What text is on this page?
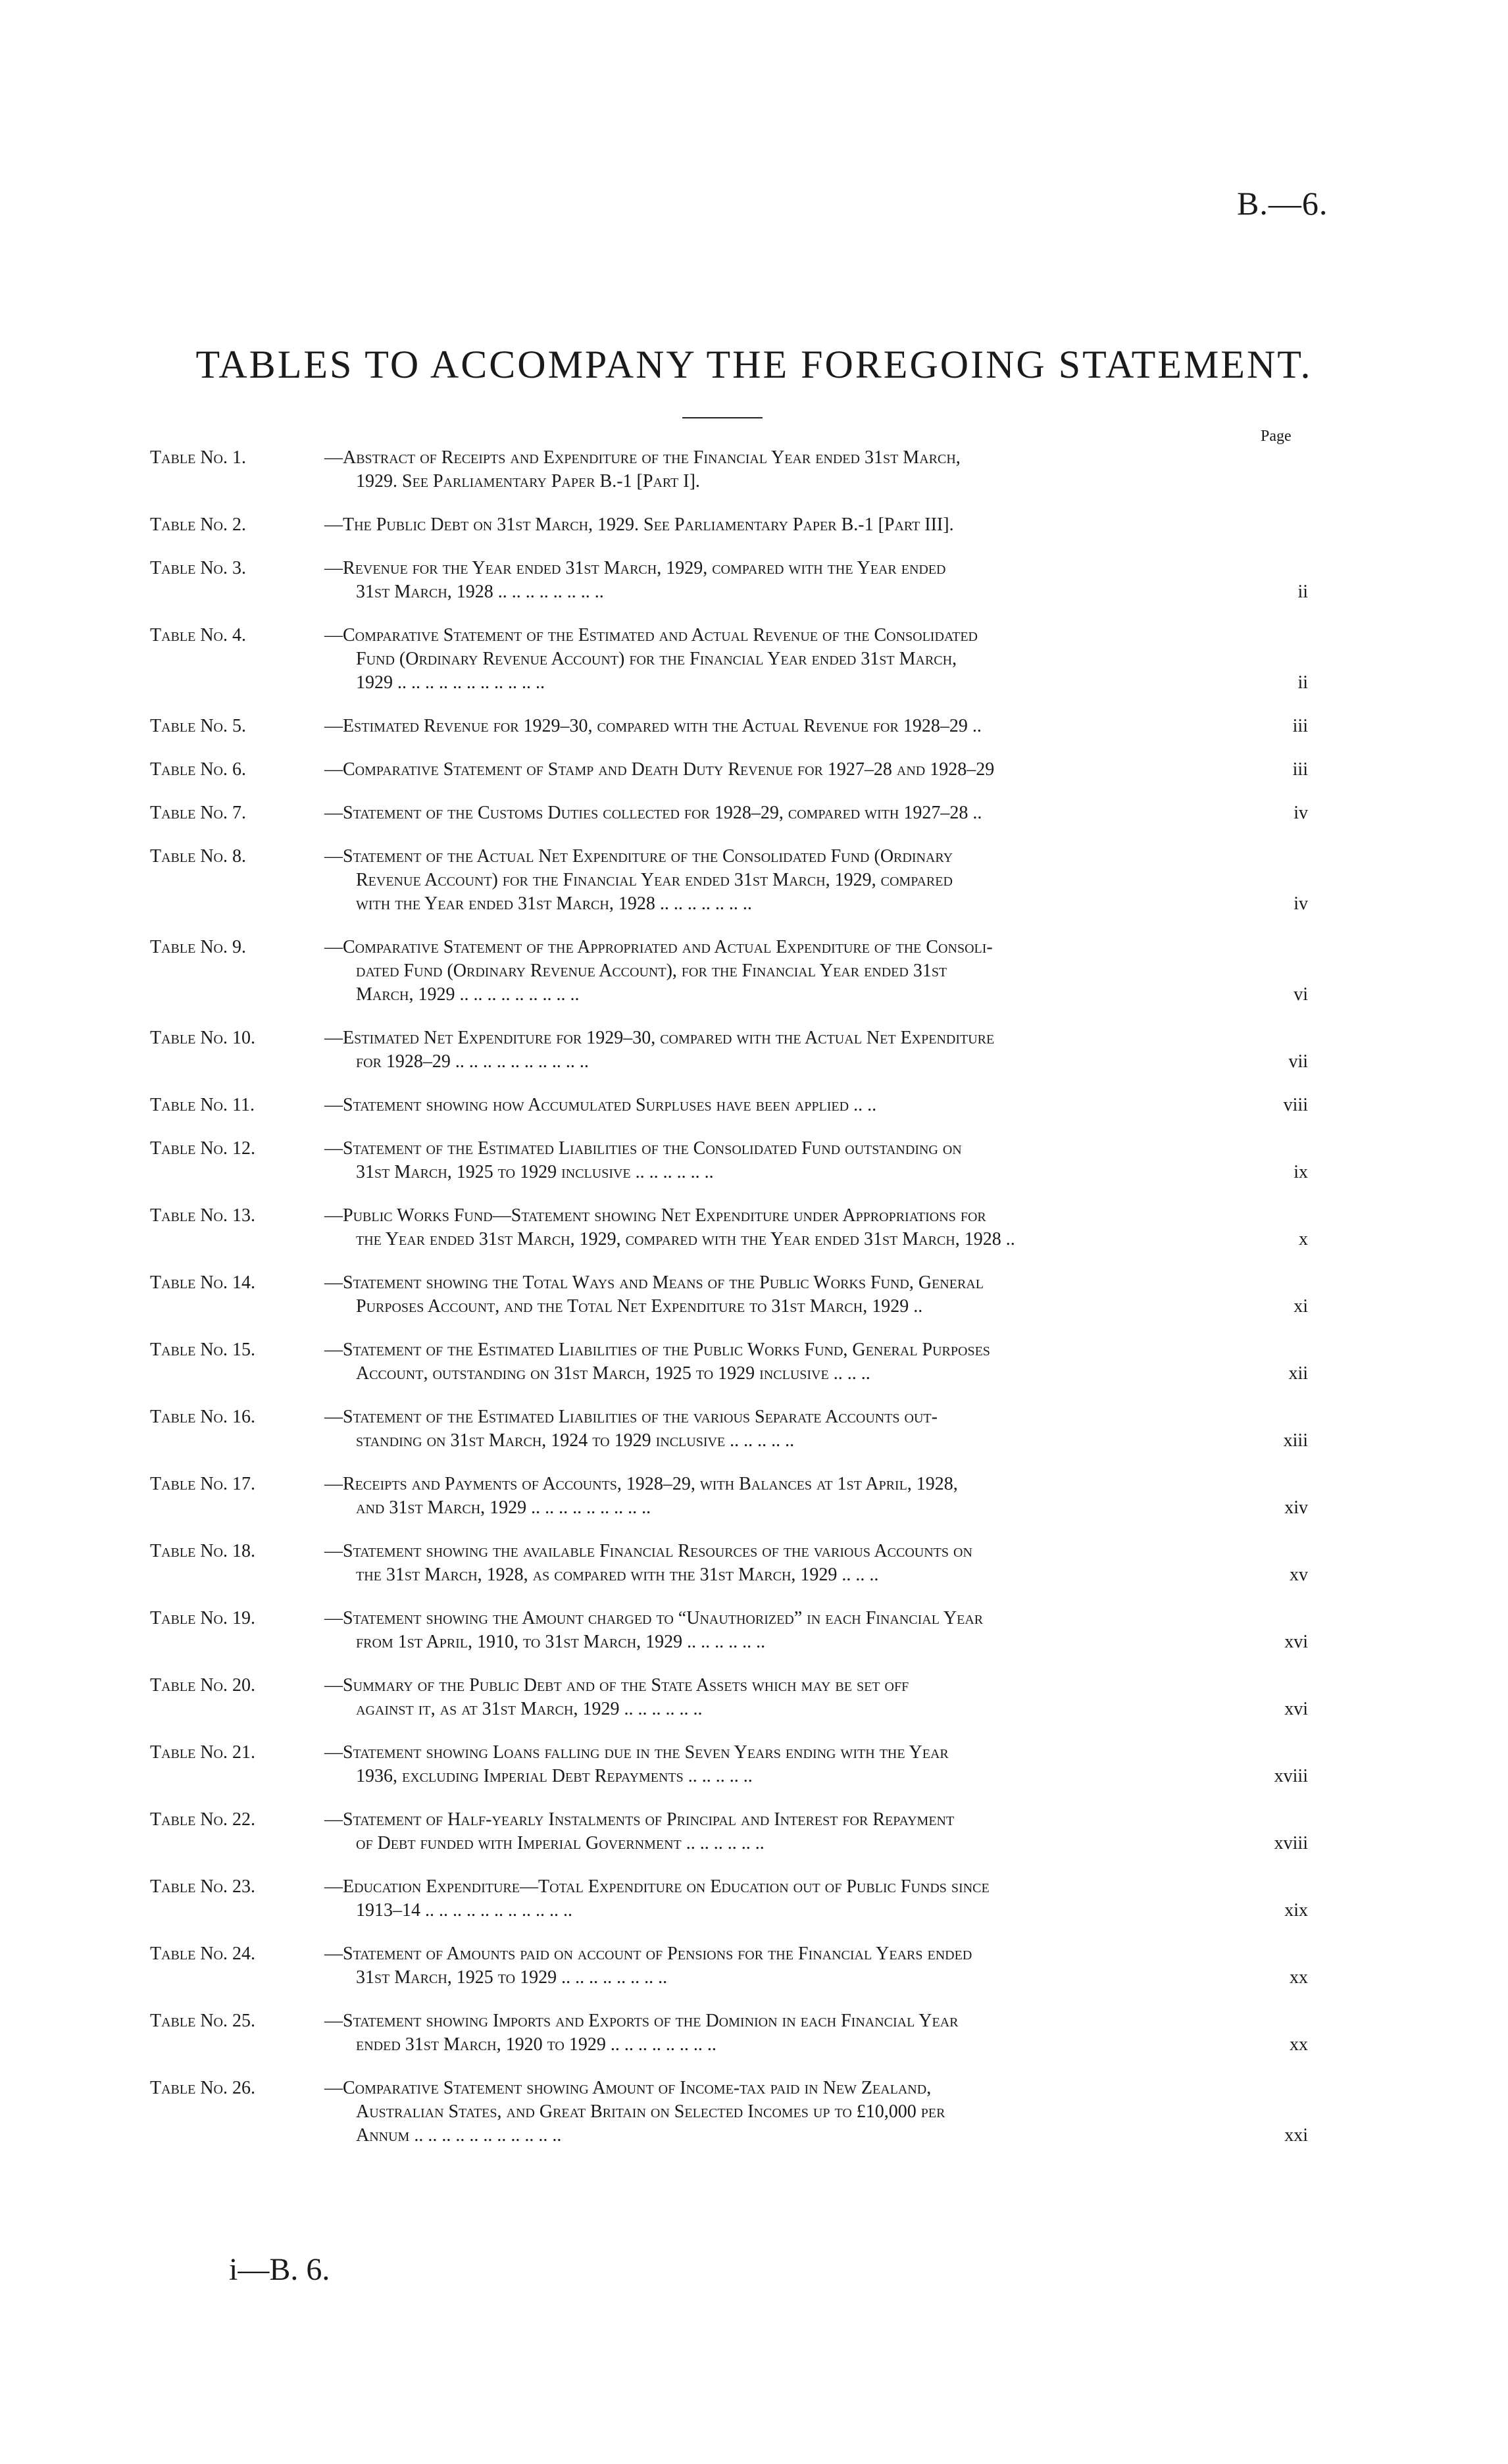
B.—6.
TABLES TO ACCOMPANY THE FOREGOING STATEMENT.
Page
Table No. 1.	—Abstract of Receipts and Expenditure of the Financial Year ended 31st March,
1929. See Parliamentary Paper B.-1 [Part I].
Table No. 2.	—The Public Debt on 31st March, 1929. See Parliamentary Paper B.-1 [Part III].
Table No. 3.	—Revenue for the Year ended 31st March, 1929, compared with the Year ended
31st March, 1928 .. .. .. .. .. .. .. ..	ii
Table No. 4.	—Comparative Statement of the Estimated and Actual Revenue of the Consolidated
Fund (Ordinary Revenue Account) for the Financial Year ended 31st March,
1929 .. .. .. .. .. .. .. .. .. .. ..	ii
Table No. 5.	—Estimated Revenue for 1929–30, compared with the Actual Revenue for 1928–29 ..	iii
Table No. 6.	—Comparative Statement of Stamp and Death Duty Revenue for 1927–28 and 1928–29	iii
Table No. 7.	—Statement of the Customs Duties collected for 1928–29, compared with 1927–28 ..	iv
Table No. 8.	—Statement of the Actual Net Expenditure of the Consolidated Fund (Ordinary
Revenue Account) for the Financial Year ended 31st March, 1929, compared
with the Year ended 31st March, 1928 .. .. .. .. .. .. ..	iv
Table No. 9.	—Comparative Statement of the Appropriated and Actual Expenditure of the Consoli-
dated Fund (Ordinary Revenue Account), for the Financial Year ended 31st
March, 1929 .. .. .. .. .. .. .. .. ..	vi
Table No. 10.	—Estimated Net Expenditure for 1929–30, compared with the Actual Net Expenditure
for 1928–29 .. .. .. .. .. .. .. .. .. ..	vii
Table No. 11.	—Statement showing how Accumulated Surpluses have been applied .. ..	viii
Table No. 12.	—Statement of the Estimated Liabilities of the Consolidated Fund outstanding on
31st March, 1925 to 1929 inclusive .. .. .. .. .. ..	ix
Table No. 13.	—Public Works Fund—Statement showing Net Expenditure under Appropriations for
the Year ended 31st March, 1929, compared with the Year ended 31st March, 1928 ..	x
Table No. 14.	—Statement showing the Total Ways and Means of the Public Works Fund, General
Purposes Account, and the Total Net Expenditure to 31st March, 1929 ..	xi
Table No. 15.	—Statement of the Estimated Liabilities of the Public Works Fund, General Purposes
Account, outstanding on 31st March, 1925 to 1929 inclusive .. .. ..	xii
Table No. 16.	—Statement of the Estimated Liabilities of the various Separate Accounts out-
standing on 31st March, 1924 to 1929 inclusive .. .. .. .. ..	xiii
Table No. 17.	—Receipts and Payments of Accounts, 1928–29, with Balances at 1st April, 1928,
and 31st March, 1929 .. .. .. .. .. .. .. .. ..	xiv
Table No. 18.	—Statement showing the available Financial Resources of the various Accounts on
the 31st March, 1928, as compared with the 31st March, 1929 .. .. ..	xv
Table No. 19.	—Statement showing the Amount charged to “Unauthorized” in each Financial Year
from 1st April, 1910, to 31st March, 1929 .. .. .. .. .. ..	xvi
Table No. 20.	—Summary of the Public Debt and of the State Assets which may be set off
against it, as at 31st March, 1929 .. .. .. .. .. ..	xvi
Table No. 21.	—Statement showing Loans falling due in the Seven Years ending with the Year
1936, excluding Imperial Debt Repayments .. .. .. .. ..	xviii
Table No. 22.	—Statement of Half-yearly Instalments of Principal and Interest for Repayment
of Debt funded with Imperial Government .. .. .. .. .. ..	xviii
Table No. 23.	—Education Expenditure—Total Expenditure on Education out of Public Funds since
1913–14 .. .. .. .. .. .. .. .. .. .. ..	xix
Table No. 24.	—Statement of Amounts paid on account of Pensions for the Financial Years ended
31st March, 1925 to 1929 .. .. .. .. .. .. .. ..	xx
Table No. 25.	—Statement showing Imports and Exports of the Dominion in each Financial Year
ended 31st March, 1920 to 1929 .. .. .. .. .. .. .. ..	xx
Table No. 26.	—Comparative Statement showing Amount of Income-tax paid in New Zealand,
Australian States, and Great Britain on Selected Incomes up to £10,000 per
Annum .. .. .. .. .. .. .. .. .. .. ..	xxi
i—B. 6.
